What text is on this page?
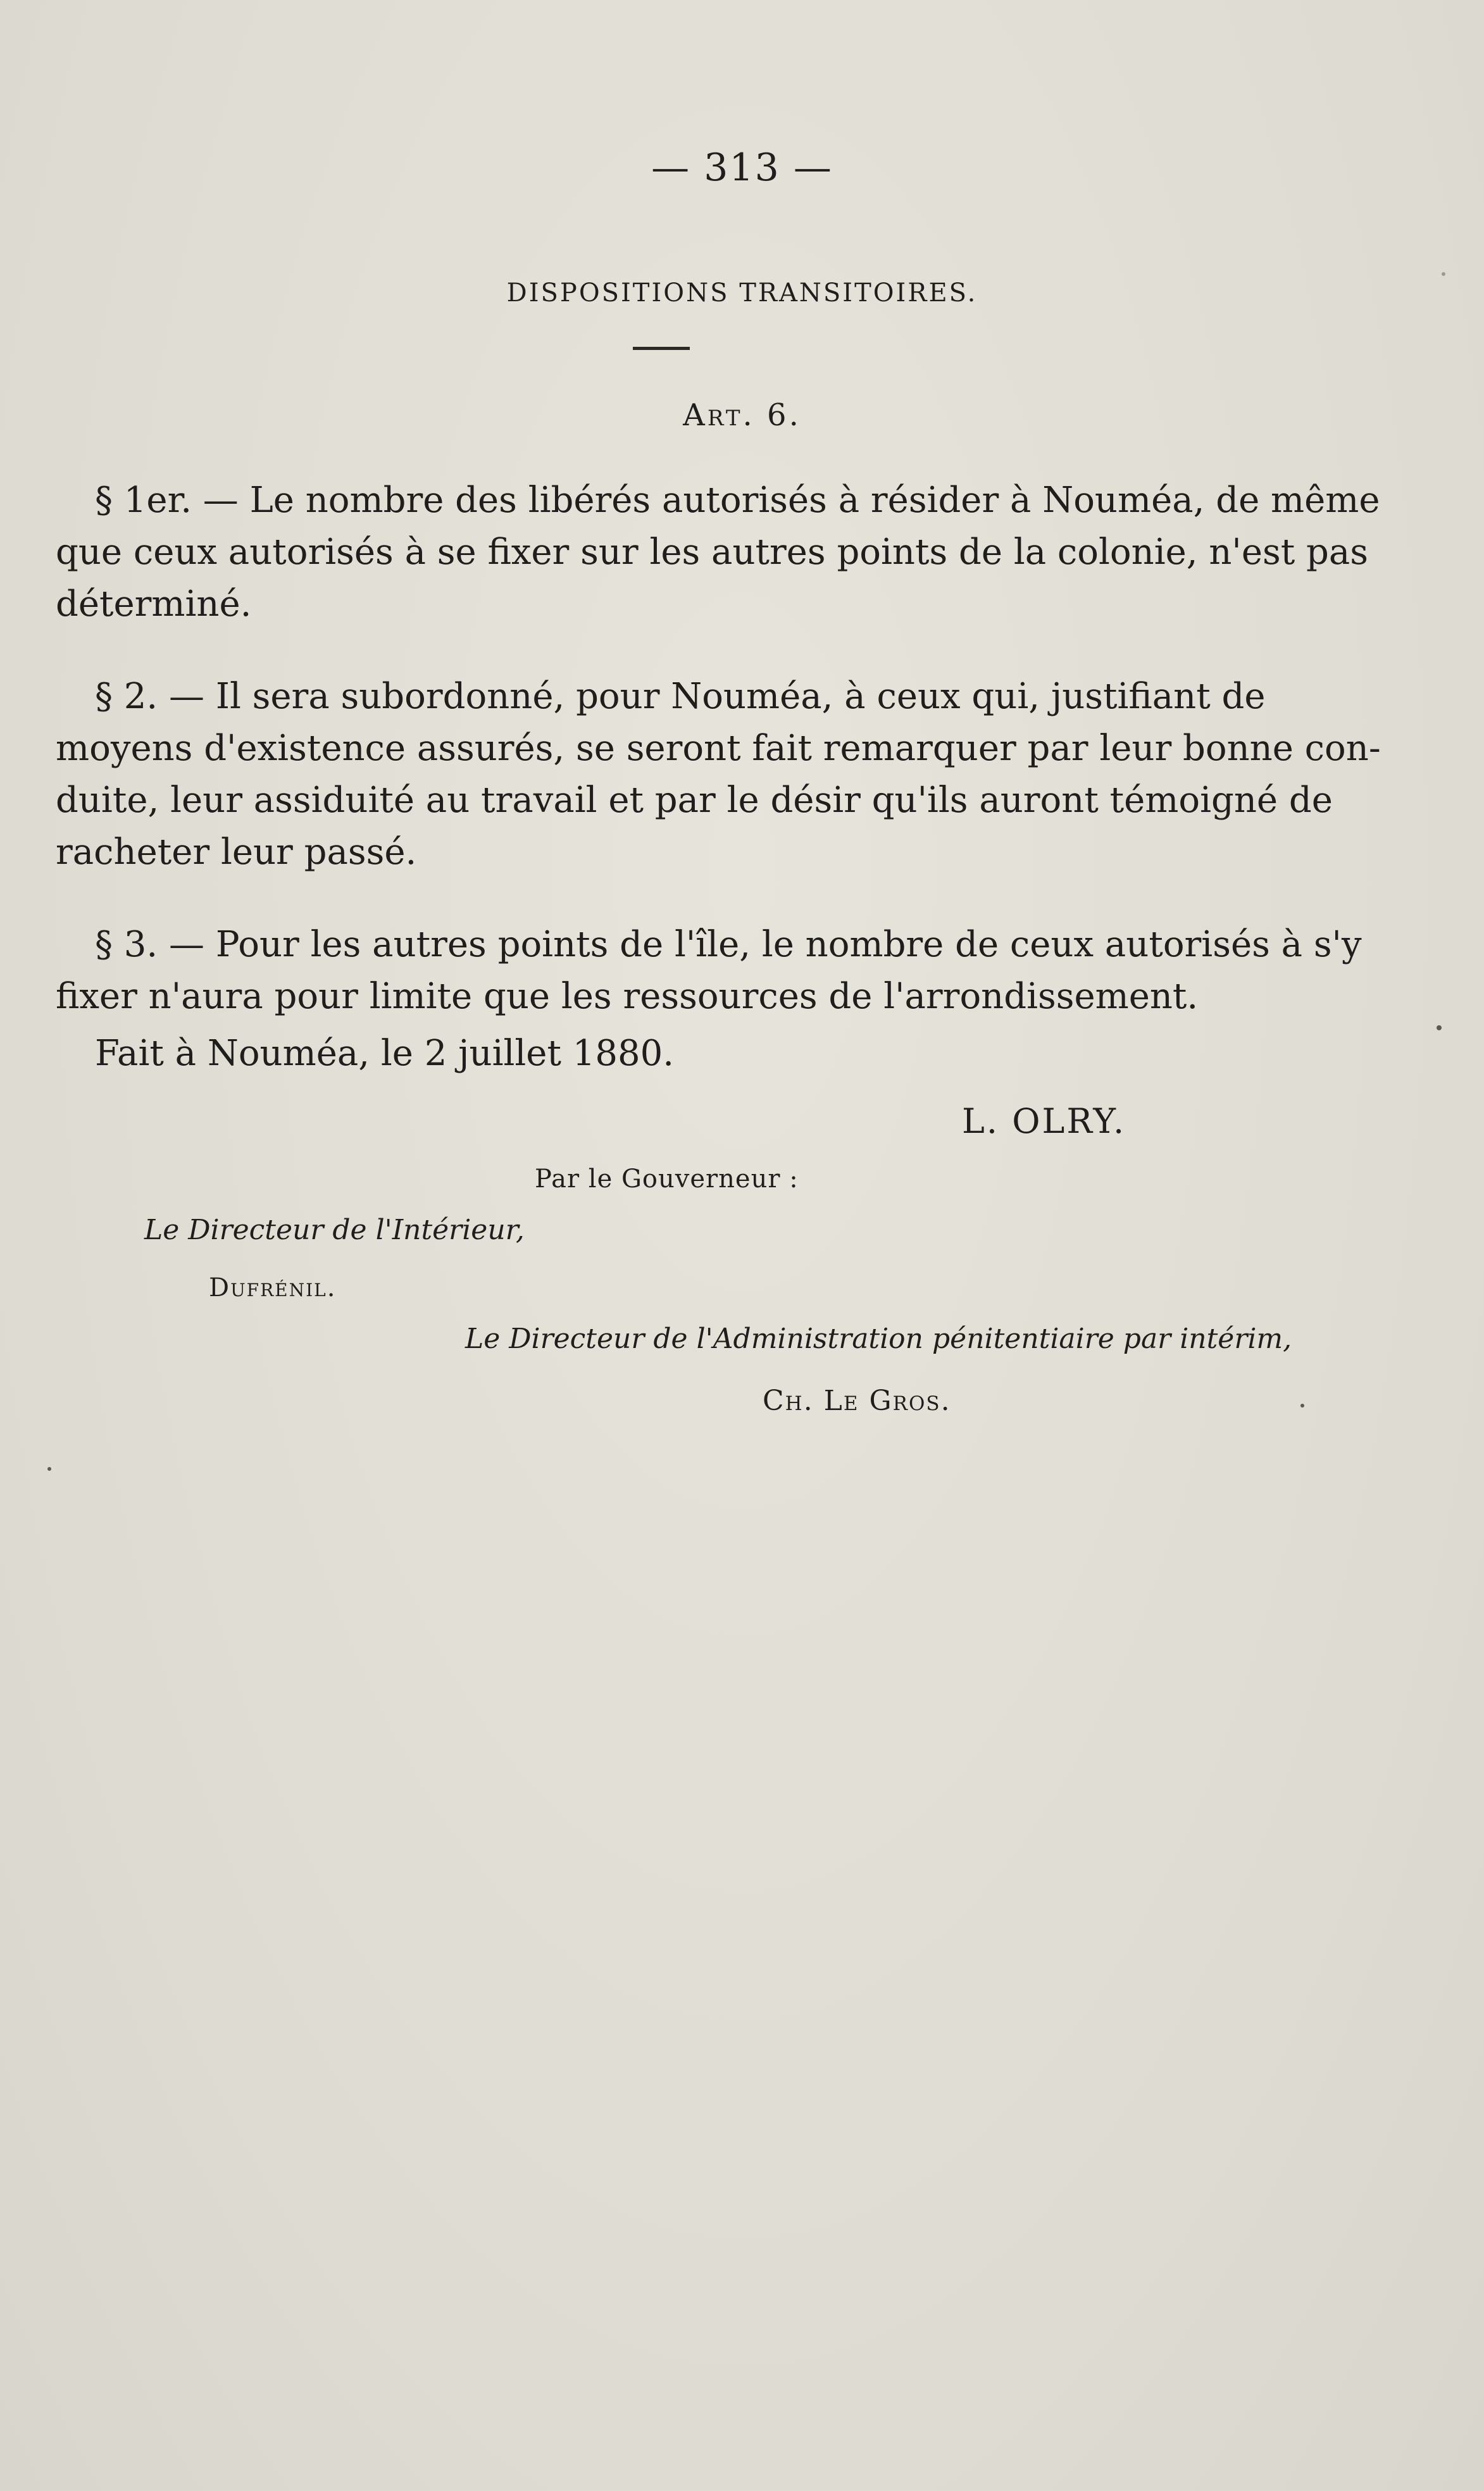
— 313 —
DISPOSITIONS TRANSITOIRES.
Art. 6.
§ 1er. — Le nombre des libérés autorisés à résider à Nouméa, de même
que ceux autorisés à se fixer sur les autres points de la colonie, n'est pas
déterminé.
§ 2. — Il sera subordonné, pour Nouméa, à ceux qui, justifiant de
moyens d'existence assurés, se seront fait remarquer par leur bonne con-
duite, leur assiduité au travail et par le désir qu'ils auront témoigné de
racheter leur passé.
§ 3. — Pour les autres points de l'île, le nombre de ceux autorisés à s'y
fixer n'aura pour limite que les ressources de l'arrondissement.
Fait à Nouméa, le 2 juillet 1880.
L. OLRY.
Par le Gouverneur :
Le Directeur de l'Intérieur,
Dufrénil.
Le Directeur de l'Administration pénitentiaire par intérim,
Ch. Le Gros.
